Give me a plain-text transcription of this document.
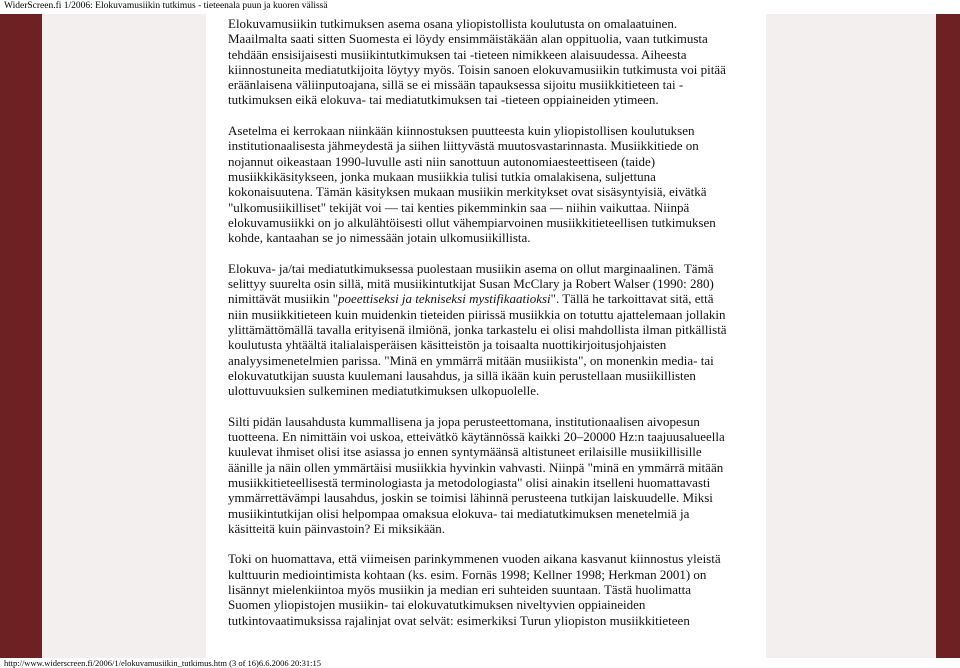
WiderScreen.fi 1/2006: Elokuvamusiikin tutkimus - tieteenala puun ja kuoren välissä

Elokuvamusiikin tutkimuksen asema osana yliopistollista koulutusta on omalaatuinen. Maailmalta saati sitten Suomesta ei löydy ensimmäistäkään alan oppituolia, vaan tutkimusta tehdään ensisijaisesti musiikintutkimuksen tai -tieteen nimikkeen alaisuudessa. Aiheesta kiinnostuneita mediatutkijoita löytyy myös. Toisin sanoen elokuvamusiikin tutkimusta voi pitää eräänlaisena väliinputoajana, sillä se ei missään tapauksessa sijoitu musiikkitieteen tai -tutkimuksen eikä elokuva- tai mediatutkimuksen tai -tieteen oppiaineiden ytimeen.

Asetelma ei kerrokaan niinkään kiinnostuksen puutteesta kuin yliopistollisen koulutuksen institutionaalisesta jähmeydestä ja siihen liittyvästä muutosvastarinnasta. Musiikkitiede on nojannut oikeastaan 1990-luvulle asti niin sanottuun autonomiaesteettiseen (taide) musiikkikäsitykseen, jonka mukaan musiikkia tulisi tutkia omalakisena, suljettuna kokonaisuutena. Tämän käsityksen mukaan musiikin merkitykset ovat sisäsyntyisiä, eivätkä "ulkomusiikilliset" tekijät voi — tai kenties pikemminkin saa — niihin vaikuttaa. Niinpä elokuvamusiikki on jo alkulähtöisesti ollut vähempiarvoinen musiikkitieteellisen tutkimuksen kohde, kantaahan se jo nimessään jotain ulkomusiikillista.

Elokuva- ja/tai mediatutkimuksessa puolestaan musiikin asema on ollut marginaalinen. Tämä selittyy suurelta osin sillä, mitä musiikintutkijat Susan McClary ja Robert Walser (1990: 280) nimittävät musiikin "poeettiseksi ja tekniseksi mystifikaatioksi". Tällä he tarkoittavat sitä, että niin musiikkitieteen kuin muidenkin tieteiden piirissä musiikkia on totuttu ajattelemaan jollakin ylittämättömällä tavalla erityisenä ilmiönä, jonka tarkastelu ei olisi mahdollista ilman pitkällistä koulutusta yhtäältä italialaisperäisen käsitteistön ja toisaalta nuottikirjoitusjohjaisten analyysimenetelmien parissa. "Minä en ymmärrä mitään musiikista", on monenkin media- tai elokuvatutkijan suusta kuulemani lausahdus, ja sillä ikään kuin perustellaan musiikillisten ulottuvuuksien sulkeminen mediatutkimuksen ulkopuolelle.

Silti pidän lausahdusta kummallisena ja jopa perusteettomana, institutionaalisen aivopesun tuotteena. En nimittäin voi uskoa, etteivätkö käytännössä kaikki 20–20000 Hz:n taajuusalueella kuulevat ihmiset olisi itse asiassa jo ennen syntymäänsä altistuneet erilaisille musiikillisille äänille ja näin ollen ymmärtäisi musiikkia hyvinkin vahvasti. Niinpä "minä en ymmärrä mitään musiikkitieteellisestä terminologiasta ja metodologiasta" olisi ainakin itselleni huomattavasti ymmärrettävämpi lausahdus, joskin se toimisi lähinnä perusteena tutkijan laiskuudelle. Miksi musiikintutkijan olisi helpompaa omaksua elokuva- tai mediatutkimuksen menetelmiä ja käsitteitä kuin päinvastoin? Ei miksikään.

Toki on huomattava, että viimeisen parinkymmenen vuoden aikana kasvanut kiinnostus yleistä kulttuurin mediointimista kohtaan (ks. esim. Fornäs 1998; Kellner 1998; Herkman 2001) on lisännyt mielenkiintoa myös musiikin ja median eri suhteiden suuntaan. Tästä huolimatta Suomen yliopistojen musiikin- tai elokuvatutkimuksen niveltyvien oppiaineiden tutkintovaatimuksissa rajalinjat ovat selvät: esimerkiksi Turun yliopiston musiikkitieteen

http://www.widerscreen.fi/2006/1/elokuvamusiikin_tutkimus.htm (3 of 16)6.6.2006 20:31:15
